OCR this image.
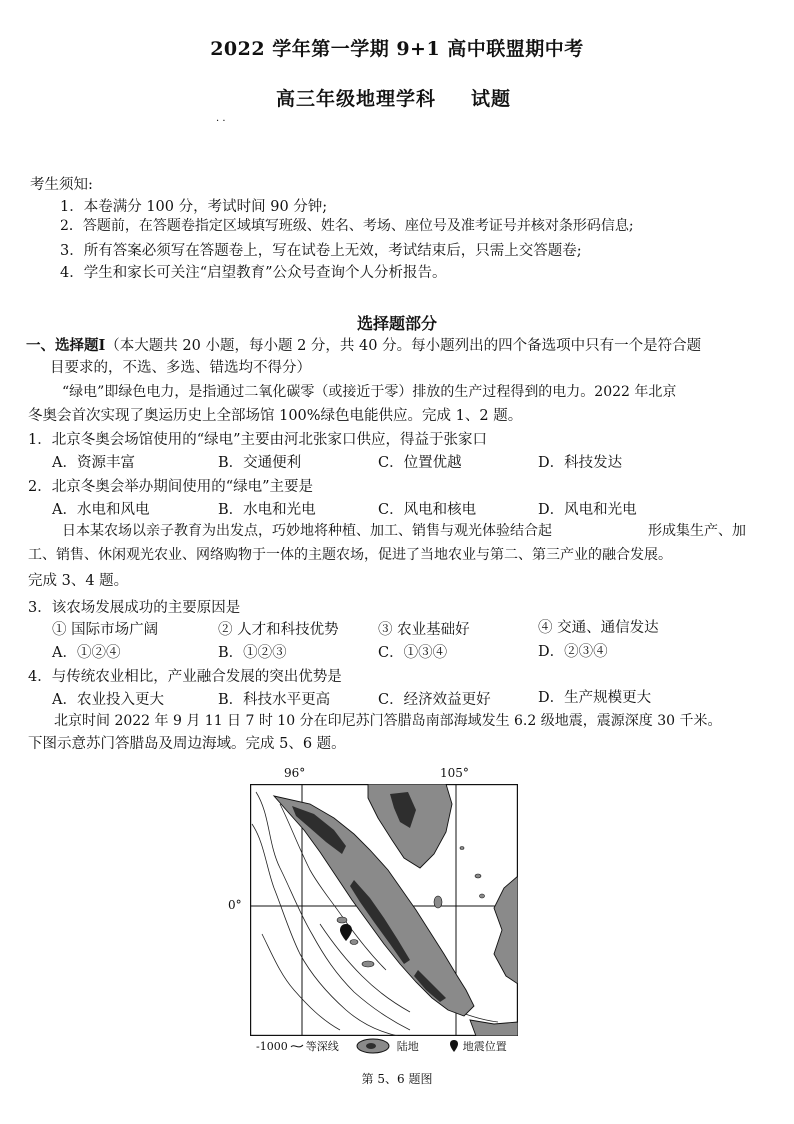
2022 学年第一学期 9+1 高中联盟期中考
高三年级地理学科 试题
· ·
考生须知:
1．本卷满分 100 分，考试时间 90 分钟;
2．答题前，在答题卷指定区域填写班级、姓名、考场、座位号及准考证号并核对条形码信息;
3．所有答案必须写在答题卷上，写在试卷上无效，考试结束后，只需上交答题卷;
4．学生和家长可关注“启望教育”公众号查询个人分析报告。
选择题部分
一、选择题Ⅰ（本大题共 20 小题，每小题 2 分，共 40 分。每小题列出的四个备选项中只有一个是符合题
目要求的，不选、多选、错选均不得分）
“绿电”即绿色电力，是指通过二氧化碳零（或接近于零）排放的生产过程得到的电力。2022 年北京
冬奥会首次实现了奥运历史上全部场馆 100%绿色电能供应。完成 1、2 题。
1．北京冬奥会场馆使用的“绿电”主要由河北张家口供应，得益于张家口
A．资源丰富	B．交通便利	C．位置优越	D．科技发达
2．北京冬奥会举办期间使用的“绿电”主要是
A．水电和风电	B．水电和光电	C．风电和核电	D．风电和光电
日本某农场以亲子教育为出发点，巧妙地将种植、加工、销售与观光体验结合起	形成集生产、加
工、销售、休闲观光农业、网络购物于一体的主题农场，促进了当地农业与第二、第三产业的融合发展。
完成 3、4 题。
3．该农场发展成功的主要原因是
① 国际市场广阔	② 人才和科技优势	③ 农业基础好	④ 交通、通信发达
A．①②④	B．①②③	C．①③④	D．②③④
4．与传统农业相比，产业融合发展的突出优势是
A．农业投入更大	B．科技水平更高	C．经济效益更好	D．生产规模更大
北京时间 2022 年 9 月 11 日 7 时 10 分在印尼苏门答腊岛南部海域发生 6.2 级地震，震源深度 30 千米。
下图示意苏门答腊岛及周边海域。完成 5、6 题。
96°	105°
0°
-1000 等深线	陆地	地震位置
第 5、6 题图
